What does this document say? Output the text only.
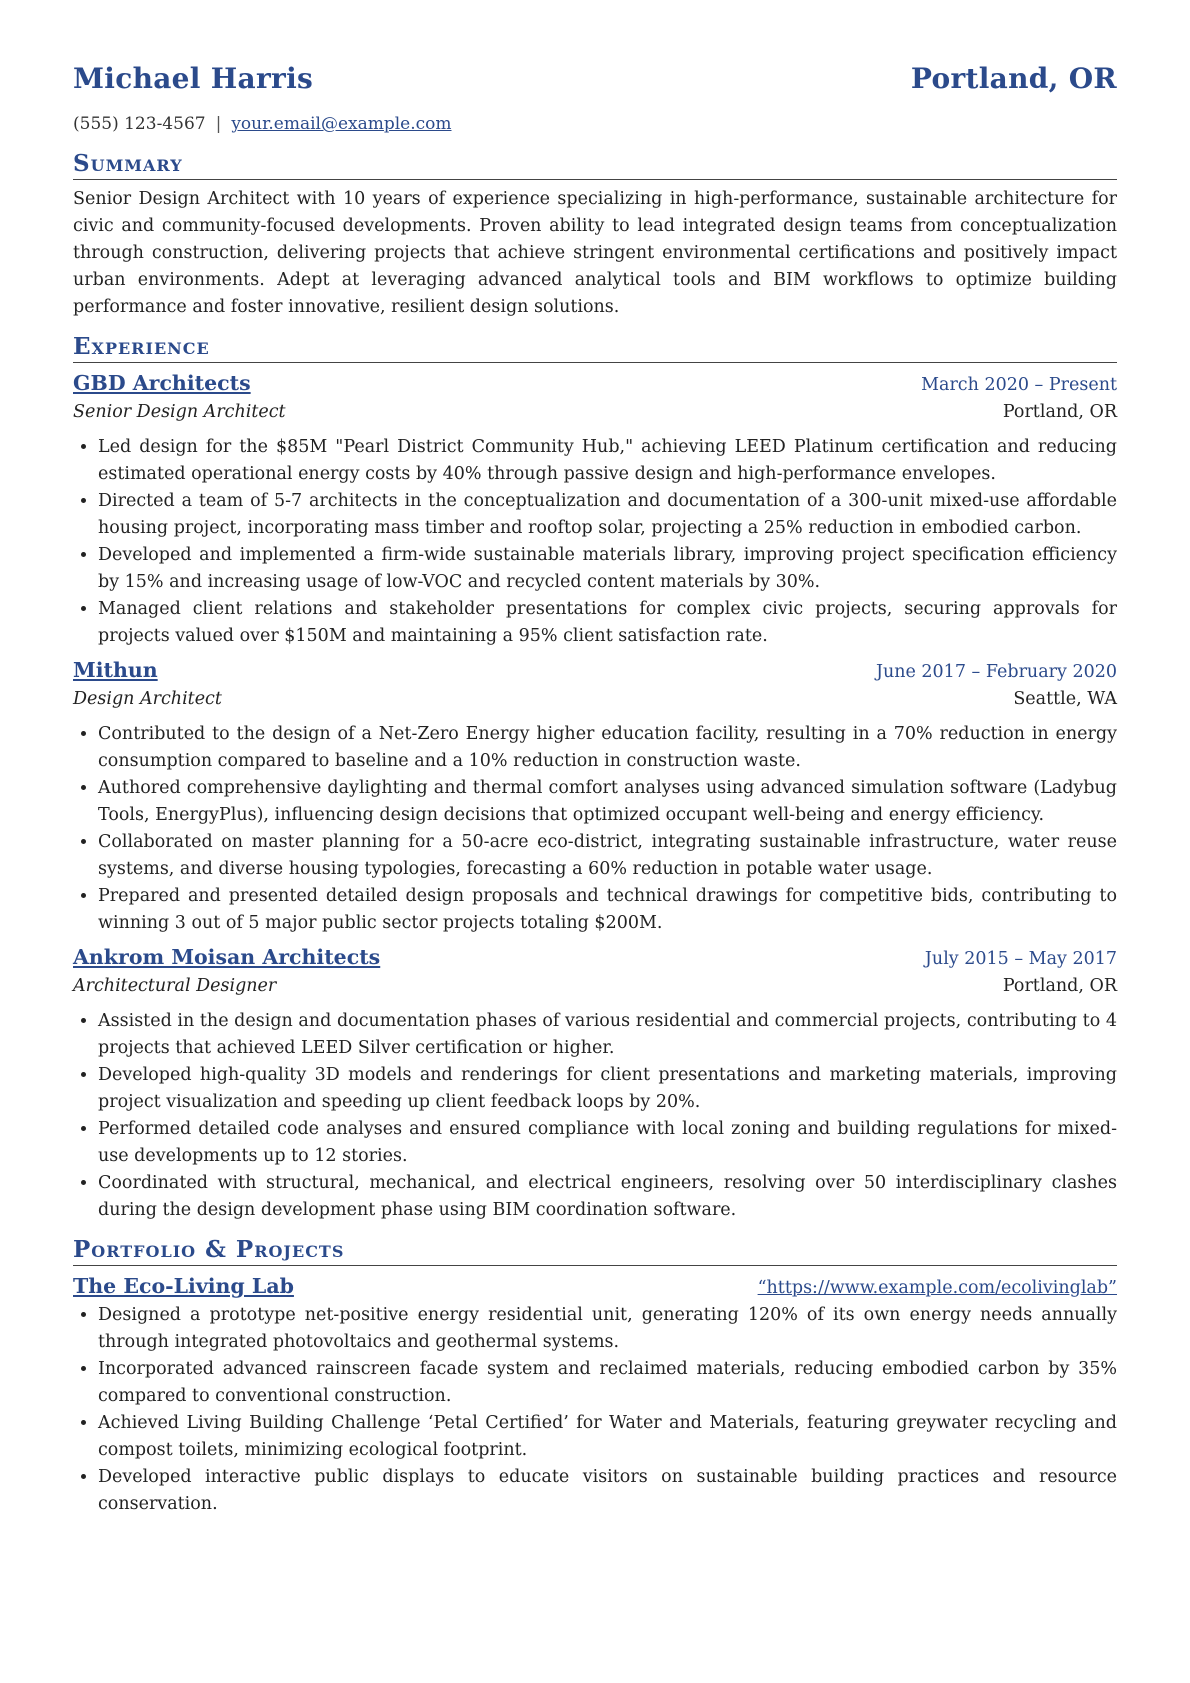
Michael Harris	Portland, OR
(555) 123-4567 | your.email@example.com
Summary
Senior Design Architect with 10 years of experience specializing in high-performance, sustainable architecture for civic and community-focused developments. Proven ability to lead integrated design teams from conceptualization through construction, delivering projects that achieve stringent environmental certifications and positively impact urban environments. Adept at leveraging advanced analytical tools and BIM workflows to optimize building performance and foster innovative, resilient design solutions.
Experience
GBD Architects	March 2020 – Present
Senior Design Architect	Portland, OR
• Led design for the $85M "Pearl District Community Hub," achieving LEED Platinum certification and reducing estimated operational energy costs by 40% through passive design and high-performance envelopes.
• Directed a team of 5-7 architects in the conceptualization and documentation of a 300-unit mixed-use affordable housing project, incorporating mass timber and rooftop solar, projecting a 25% reduction in embodied carbon.
• Developed and implemented a firm-wide sustainable materials library, improving project specification efficiency by 15% and increasing usage of low-VOC and recycled content materials by 30%.
• Managed client relations and stakeholder presentations for complex civic projects, securing approvals for projects valued over $150M and maintaining a 95% client satisfaction rate.
Mithun	June 2017 – February 2020
Design Architect	Seattle, WA
• Contributed to the design of a Net-Zero Energy higher education facility, resulting in a 70% reduction in energy consumption compared to baseline and a 10% reduction in construction waste.
• Authored comprehensive daylighting and thermal comfort analyses using advanced simulation software (Ladybug Tools, EnergyPlus), influencing design decisions that optimized occupant well-being and energy efficiency.
• Collaborated on master planning for a 50-acre eco-district, integrating sustainable infrastructure, water reuse systems, and diverse housing typologies, forecasting a 60% reduction in potable water usage.
• Prepared and presented detailed design proposals and technical drawings for competitive bids, contributing to winning 3 out of 5 major public sector projects totaling $200M.
Ankrom Moisan Architects	July 2015 – May 2017
Architectural Designer	Portland, OR
• Assisted in the design and documentation phases of various residential and commercial projects, contributing to 4 projects that achieved LEED Silver certification or higher.
• Developed high-quality 3D models and renderings for client presentations and marketing materials, improving project visualization and speeding up client feedback loops by 20%.
• Performed detailed code analyses and ensured compliance with local zoning and building regulations for mixed-use developments up to 12 stories.
• Coordinated with structural, mechanical, and electrical engineers, resolving over 50 interdisciplinary clashes during the design development phase using BIM coordination software.
Portfolio & Projects
The Eco-Living Lab	“https://www.example.com/ecolivinglab”
• Designed a prototype net-positive energy residential unit, generating 120% of its own energy needs annually through integrated photovoltaics and geothermal systems.
• Incorporated advanced rainscreen facade system and reclaimed materials, reducing embodied carbon by 35% compared to conventional construction.
• Achieved Living Building Challenge ‘Petal Certified’ for Water and Materials, featuring greywater recycling and compost toilets, minimizing ecological footprint.
• Developed interactive public displays to educate visitors on sustainable building practices and resource conservation.
